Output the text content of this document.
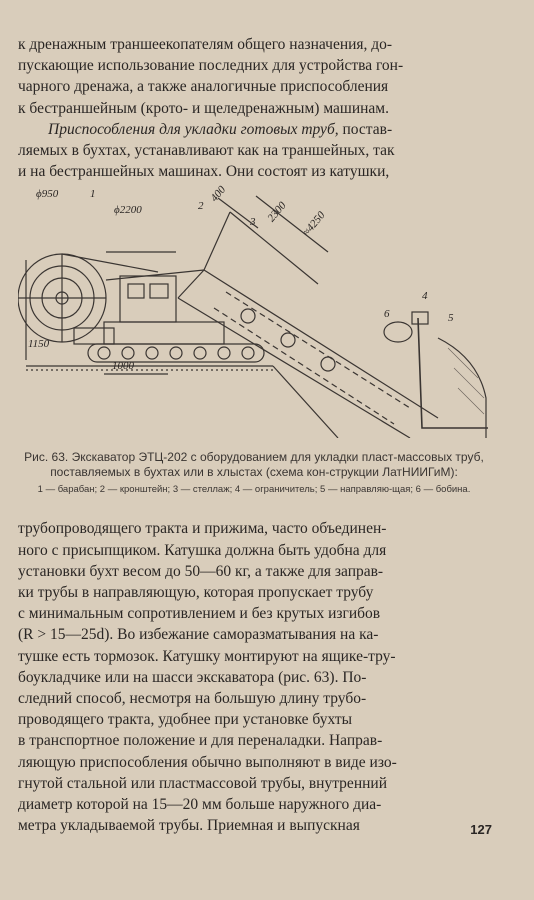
к дренажным траншеекопателям общего назначения, до-

пускающие использование последних для устройства гон-

чарного дренажа, а также аналогичные приспособления

к бестраншейным (крото- и щеледренажным) машинам.

Приспособления для укладки готовых труб, постав-

ляемых в бухтах, устанавливают как на траншейных, так

и на бестраншейных машинах. Они состоят из катушки,

ϕ950	1
ϕ2200	2
3
400
2300 ≈4250
1150
1000
4
5
6
Рис. 63. Экскаватор ЭТЦ-202 с оборудованием для укладки пласт-массовых труб, поставляемых в бухтах или в хлыстах (схема кон-струкции ЛатНИИГиМ):
1 — барабан; 2 — кронштейн; 3 — стеллаж; 4 — ограничитель; 5 — направляю-щая; 6 — бобина.

трубопроводящего тракта и прижима, часто объединен-

ного с присыпщиком. Катушка должна быть удобна для

установки бухт весом до 50—60 кг, а также для заправ-

ки трубы в направляющую, которая пропускает трубу

с минимальным сопротивлением и без крутых изгибов

(R > 15—25d). Во избежание саморазматывания на ка-

тушке есть тормозок. Катушку монтируют на ящике-тру-

боукладчике или на шасси экскаватора (рис. 63). По-

следний способ, несмотря на большую длину трубо-

проводящего тракта, удобнее при установке бухты

в транспортное положение и для переналадки. Направ-

ляющую приспособления обычно выполняют в виде изо-

гнутой стальной или пластмассовой трубы, внутренний

диаметр которой на 15—20 мм больше наружного диа-

метра укладываемой трубы. Приемная и выпускная	127
